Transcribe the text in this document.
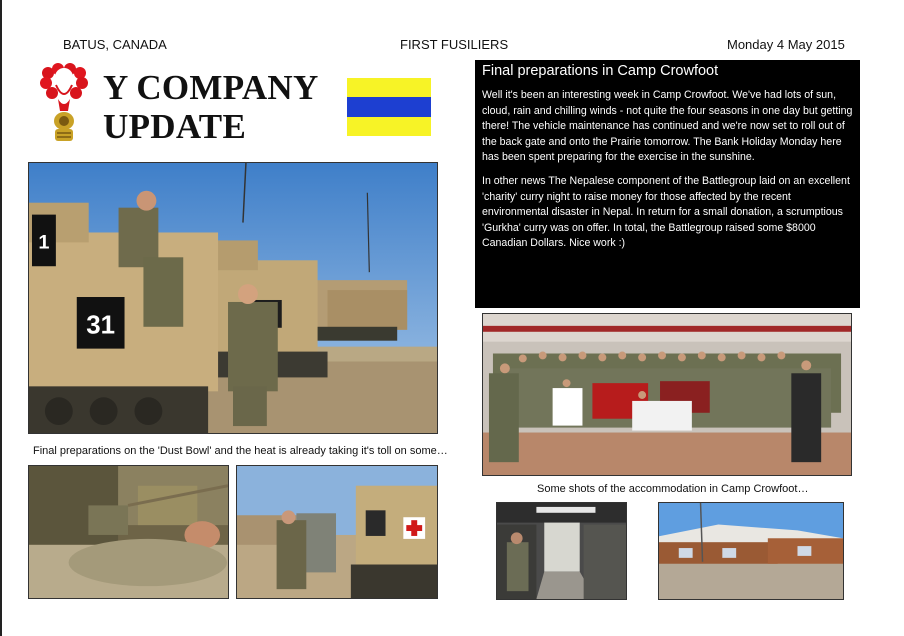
BATUS, CANADA	FIRST FUSILIERS	Monday 4 May 2015
Y COMPANY
UPDATE
31
1
Final preparations on the 'Dust Bowl' and the heat is already taking it's toll on some…
Final preparations in Camp Crowfoot

Well it's been an interesting week in Camp Crowfoot. We've had lots of sun, cloud, rain and chilling winds - not quite the four seasons in one day but getting there! The vehicle maintenance has continued and we're now set to roll out of the back gate and onto the Prairie tomorrow. The Bank Holiday Monday here has been spent preparing for the exercise in the sunshine.

In other news The Nepalese component of the Battlegroup laid on an excellent 'charity' curry night to raise money for those affected by the recent environmental disaster in Nepal. In return for a small donation, a scrumptious 'Gurkha' curry was on offer. In total, the Battlegroup raised some $8000 Canadian Dollars. Nice work :)

Some shots of the accommodation in Camp Crowfoot…
